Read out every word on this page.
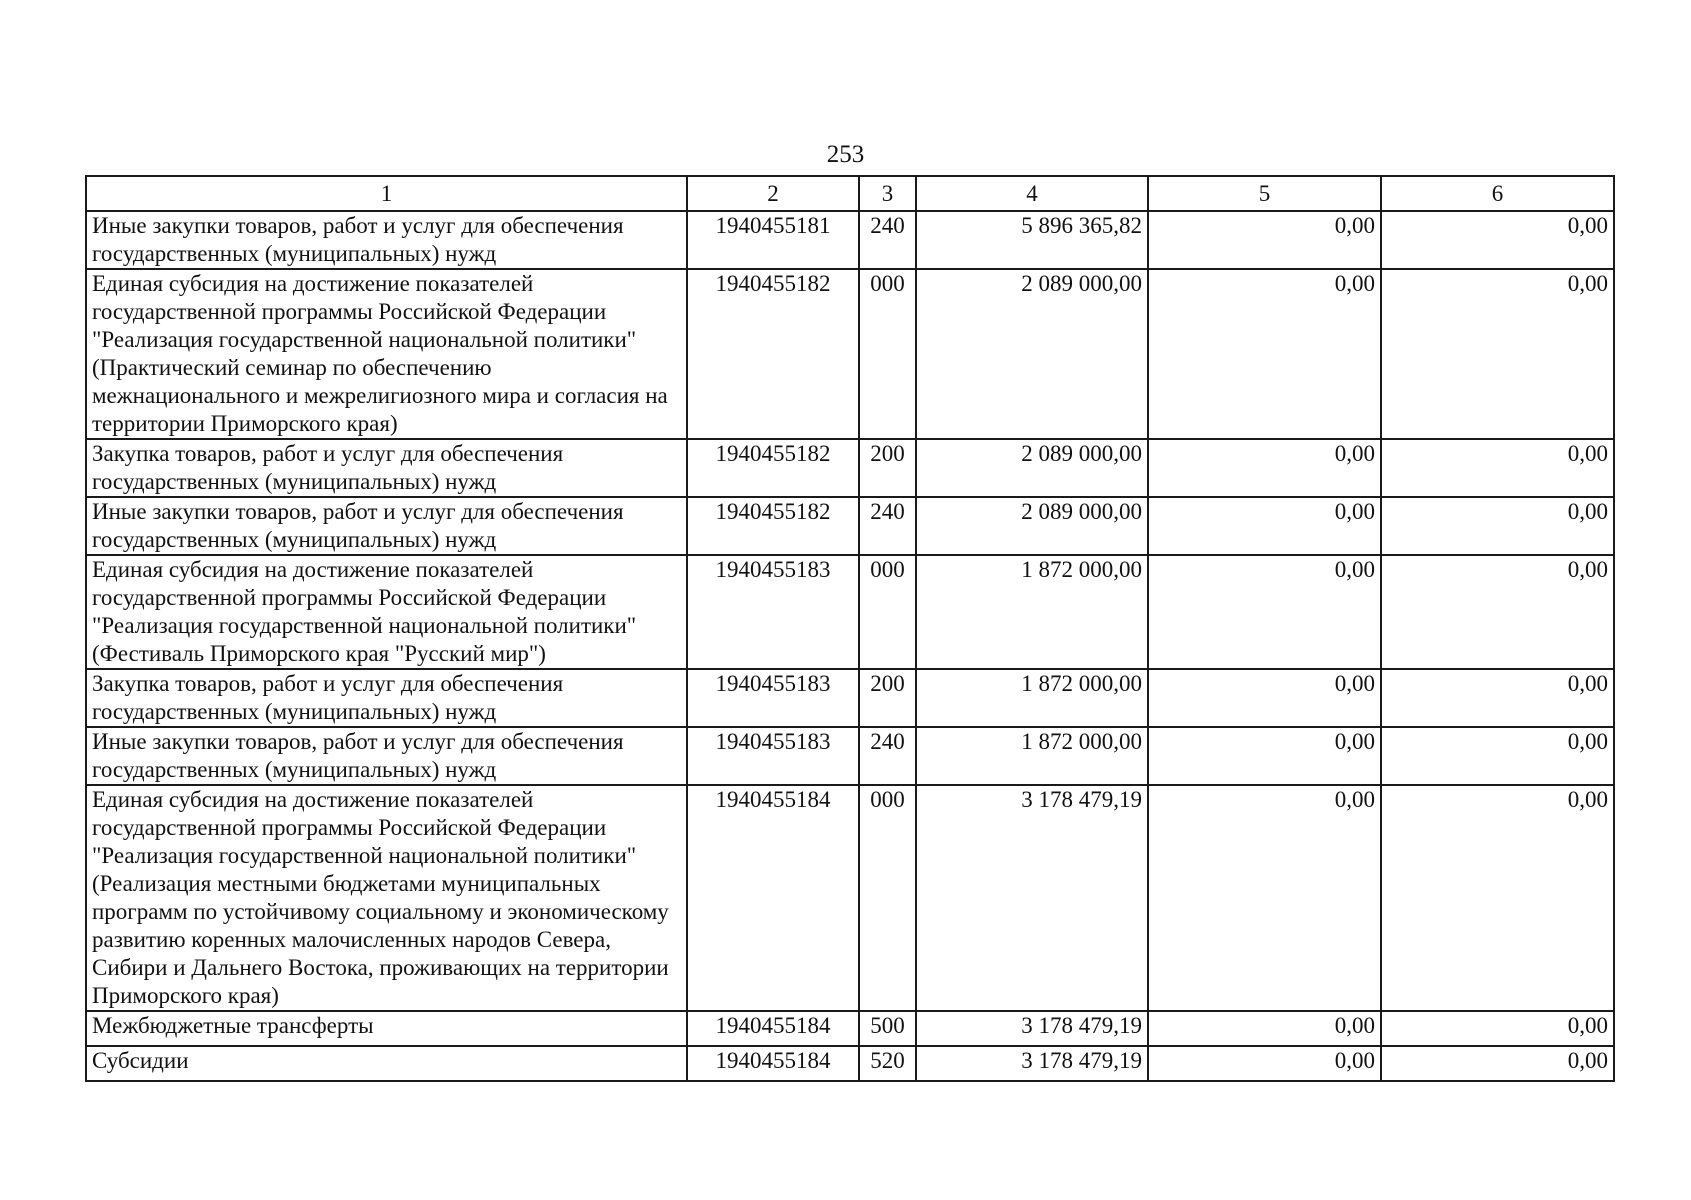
253
1	2	3	4	5	6
Иные закупки товаров, работ и услуг для обеспечения государственных (муниципальных) нужд	1940455181	240	5 896 365,82	0,00	0,00
Единая субсидия на достижение показателей государственной программы Российской Федерации "Реализация государственной национальной политики" (Практический семинар по обеспечению межнационального и межрелигиозного мира и согласия на территории Приморского края)	1940455182	000	2 089 000,00	0,00	0,00
Закупка товаров, работ и услуг для обеспечения государственных (муниципальных) нужд	1940455182	200	2 089 000,00	0,00	0,00
Иные закупки товаров, работ и услуг для обеспечения государственных (муниципальных) нужд	1940455182	240	2 089 000,00	0,00	0,00
Единая субсидия на достижение показателей государственной программы Российской Федерации "Реализация государственной национальной политики" (Фестиваль Приморского края "Русский мир")	1940455183	000	1 872 000,00	0,00	0,00
Закупка товаров, работ и услуг для обеспечения государственных (муниципальных) нужд	1940455183	200	1 872 000,00	0,00	0,00
Иные закупки товаров, работ и услуг для обеспечения государственных (муниципальных) нужд	1940455183	240	1 872 000,00	0,00	0,00
Единая субсидия на достижение показателей государственной программы Российской Федерации "Реализация государственной национальной политики" (Реализация местными бюджетами муниципальных программ по устойчивому социальному и экономическому развитию коренных малочисленных народов Севера, Сибири и Дальнего Востока, проживающих на территории Приморского края)	1940455184	000	3 178 479,19	0,00	0,00
Межбюджетные трансферты	1940455184	500	3 178 479,19	0,00	0,00
Субсидии	1940455184	520	3 178 479,19	0,00	0,00
